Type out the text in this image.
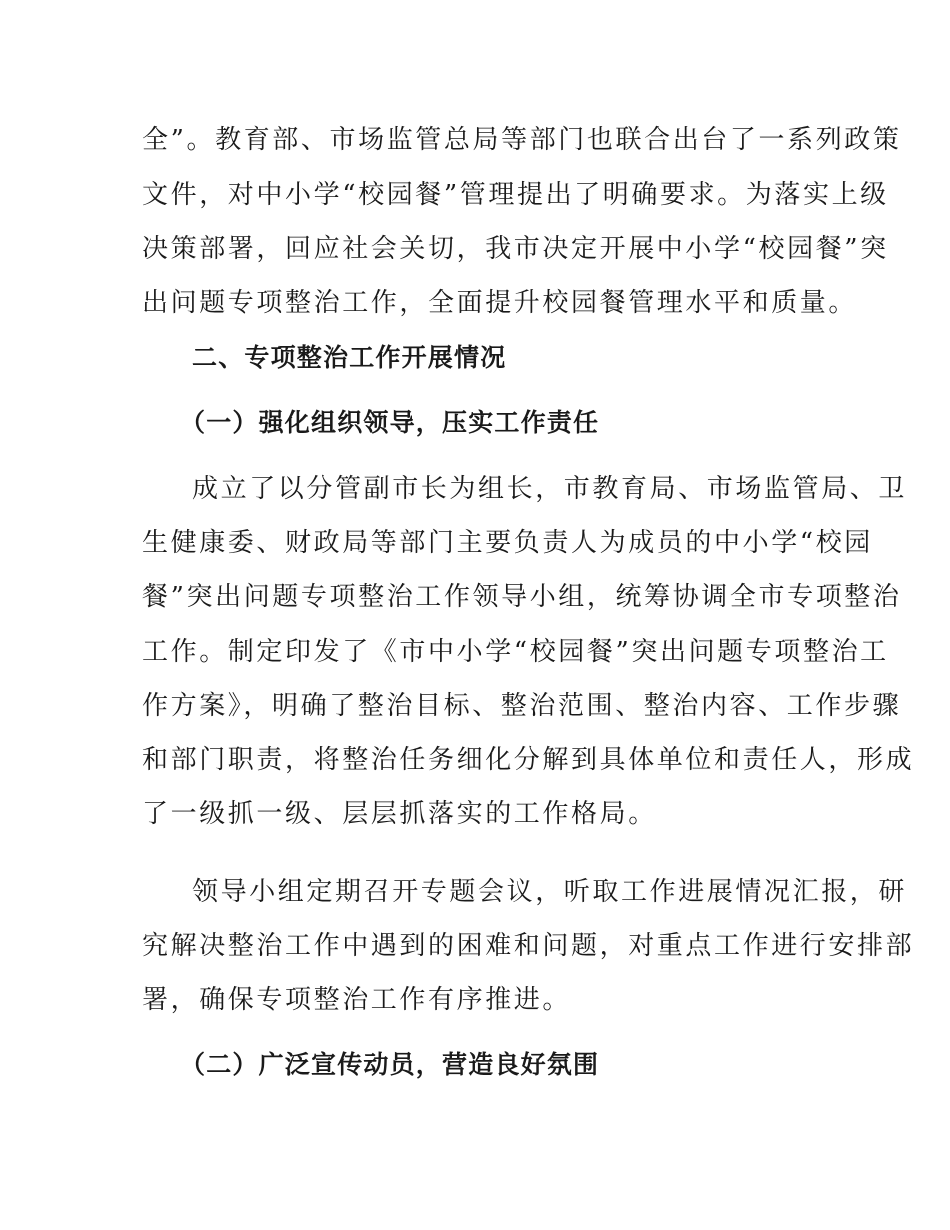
全”。教育部、市场监管总局等部门也联合出台了一系列政策
文件，对中小学“校园餐”管理提出了明确要求。为落实上级
决策部署，回应社会关切，我市决定开展中小学“校园餐”突
出问题专项整治工作，全面提升校园餐管理水平和质量。
二、专项整治工作开展情况
（一）强化组织领导，压实工作责任
成立了以分管副市长为组长，市教育局、市场监管局、卫
生健康委、财政局等部门主要负责人为成员的中小学“校园
餐”突出问题专项整治工作领导小组，统筹协调全市专项整治
工作。制定印发了《市中小学“校园餐”突出问题专项整治工
作方案》，明确了整治目标、整治范围、整治内容、工作步骤
和部门职责，将整治任务细化分解到具体单位和责任人，形成
了一级抓一级、层层抓落实的工作格局。
领导小组定期召开专题会议，听取工作进展情况汇报，研
究解决整治工作中遇到的困难和问题，对重点工作进行安排部
署，确保专项整治工作有序推进。
（二）广泛宣传动员，营造良好氛围
